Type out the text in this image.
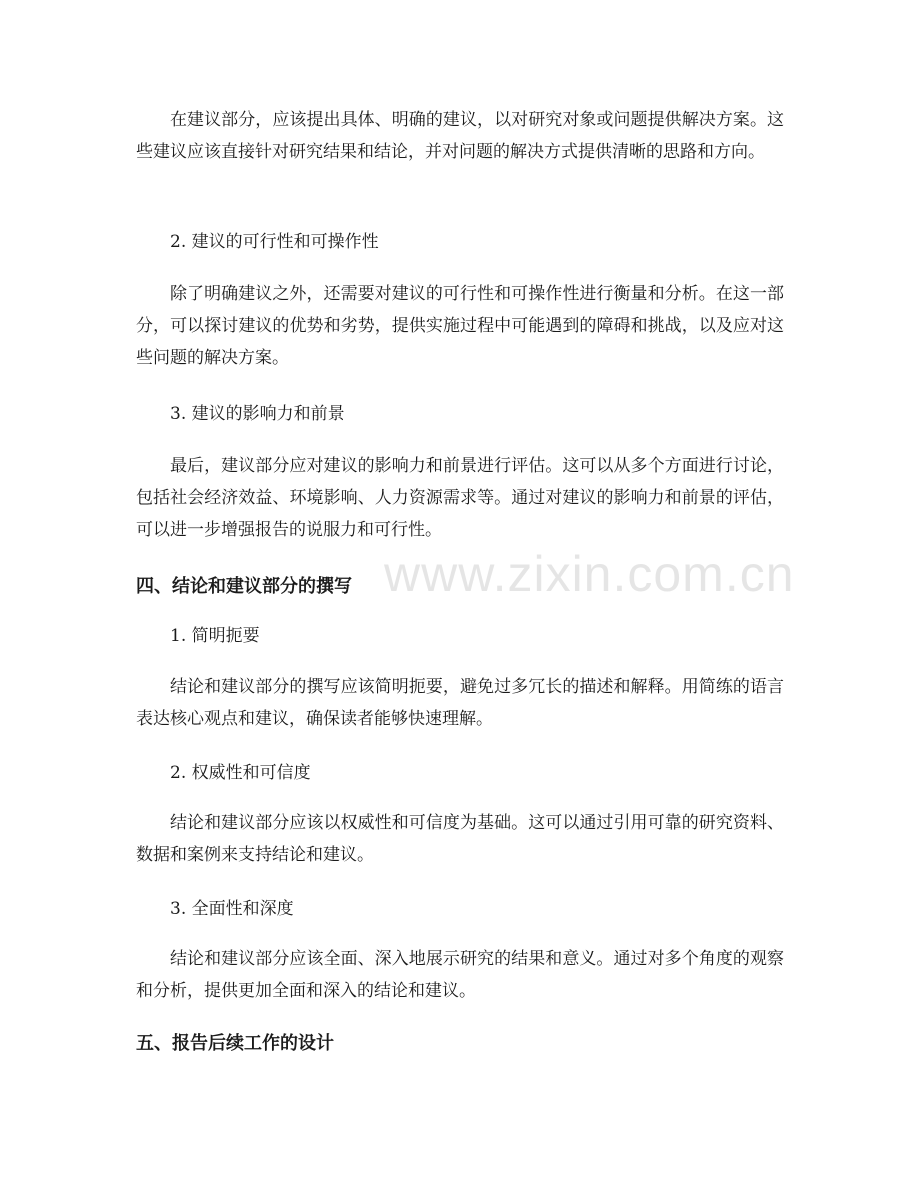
www.zixin.com.cn

在建议部分，应该提出具体、明确的建议，以对研究对象或问题提供解决方案。这些建议应该直接针对研究结果和结论，并对问题的解决方式提供清晰的思路和方向。

2. 建议的可行性和可操作性

除了明确建议之外，还需要对建议的可行性和可操作性进行衡量和分析。在这一部分，可以探讨建议的优势和劣势，提供实施过程中可能遇到的障碍和挑战，以及应对这些问题的解决方案。

3. 建议的影响力和前景

最后，建议部分应对建议的影响力和前景进行评估。这可以从多个方面进行讨论，包括社会经济效益、环境影响、人力资源需求等。通过对建议的影响力和前景的评估，可以进一步增强报告的说服力和可行性。

四、结论和建议部分的撰写

1. 简明扼要

结论和建议部分的撰写应该简明扼要，避免过多冗长的描述和解释。用简练的语言表达核心观点和建议，确保读者能够快速理解。

2. 权威性和可信度

结论和建议部分应该以权威性和可信度为基础。这可以通过引用可靠的研究资料、数据和案例来支持结论和建议。

3. 全面性和深度

结论和建议部分应该全面、深入地展示研究的结果和意义。通过对多个角度的观察和分析，提供更加全面和深入的结论和建议。

五、报告后续工作的设计
